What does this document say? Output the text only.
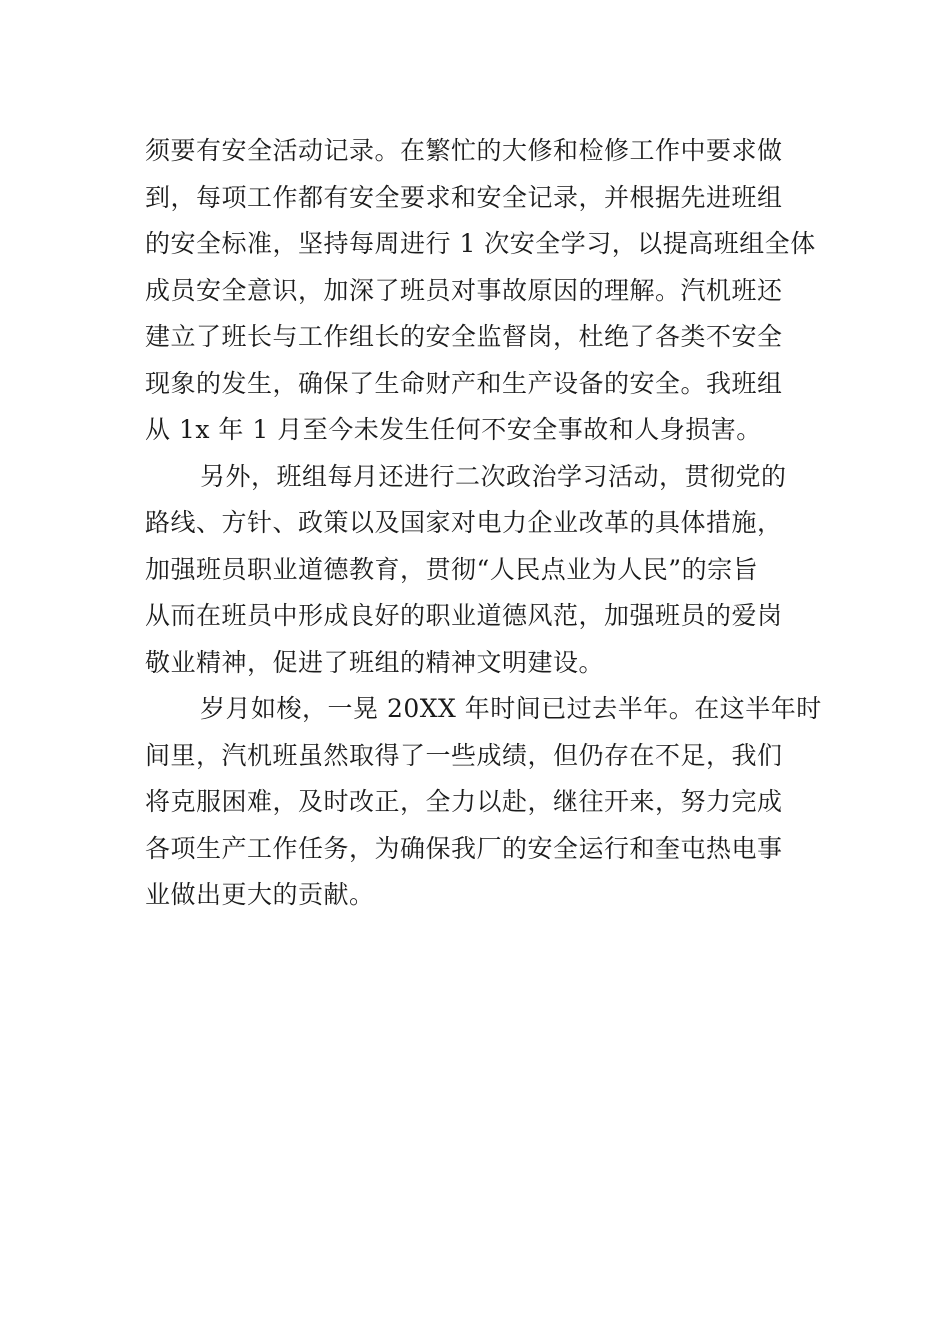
须要有安全活动记录。在繁忙的大修和检修工作中要求做
到，每项工作都有安全要求和安全记录，并根据先进班组
的安全标准，坚持每周进行 1 次安全学习，以提高班组全体
成员安全意识，加深了班员对事故原因的理解。汽机班还
建立了班长与工作组长的安全监督岗，杜绝了各类不安全
现象的发生，确保了生命财产和生产设备的安全。我班组
从 1x 年 1 月至今未发生任何不安全事故和人身损害。
另外，班组每月还进行二次政治学习活动，贯彻党的
路线、方针、政策以及国家对电力企业改革的具体措施，
加强班员职业道德教育，贯彻“人民点业为人民”的宗旨
从而在班员中形成良好的职业道德风范，加强班员的爱岗
敬业精神，促进了班组的精神文明建设。
岁月如梭，一晃 20XX 年时间已过去半年。在这半年时
间里，汽机班虽然取得了一些成绩，但仍存在不足，我们
将克服困难，及时改正，全力以赴，继往开来，努力完成
各项生产工作任务，为确保我厂的安全运行和奎屯热电事
业做出更大的贡献。
